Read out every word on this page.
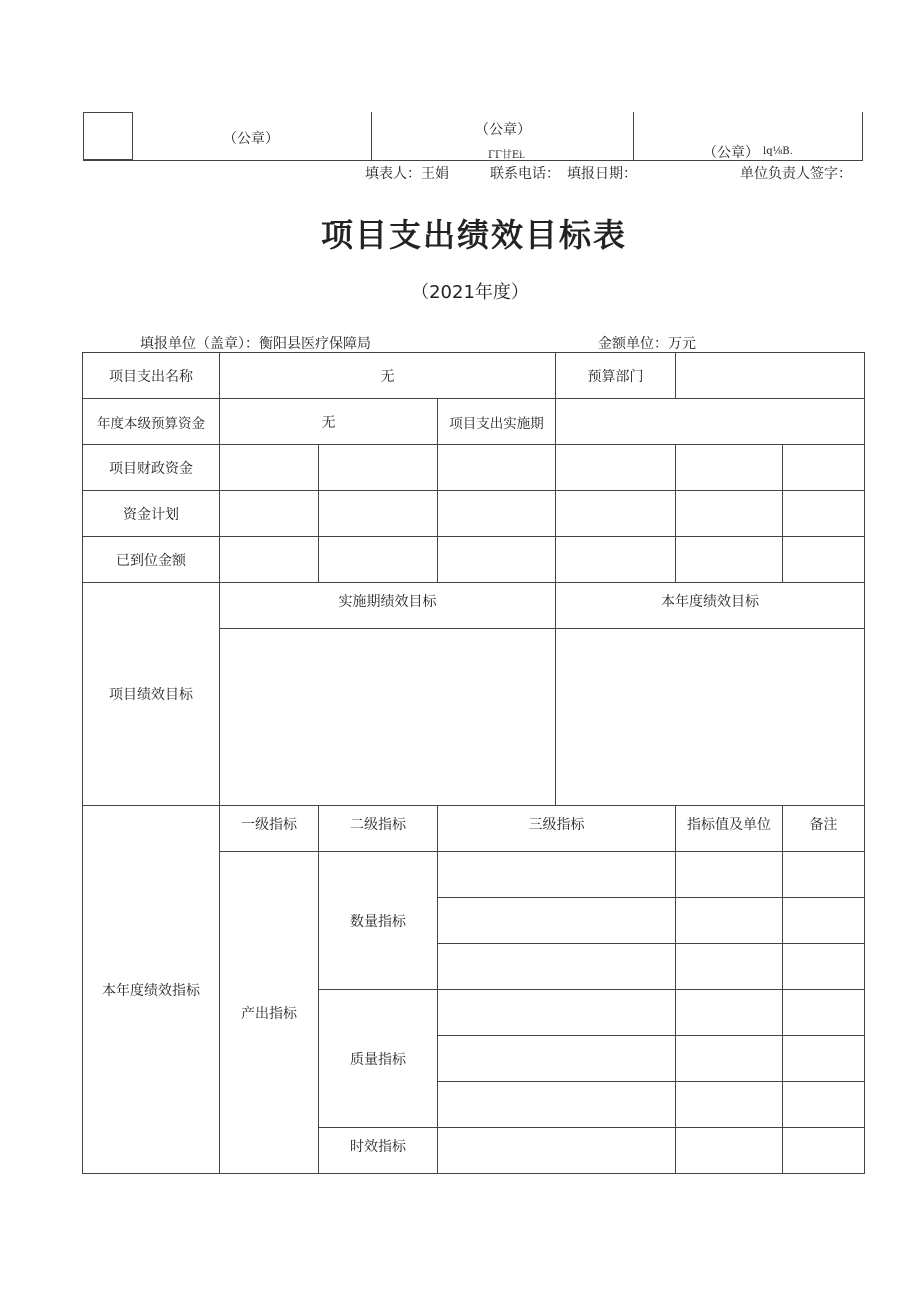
（公章）
（公章）
ΓΓ甘Ei.	（公章） lq⅛B.
填表人：王娟	联系电话： 填报日期：	单位负责人签字：
项目支出绩效目标表
（2021年度）
填报单位（盖章）：衡阳县医疗保障局	金额单位：万元
项目支出名称	无			预算部门		
年度本级预算资金	无		项目支出实施期			
项目财政资金						
资金计划						
已到位金额						
项目绩效目标	实施期绩效目标			本年度绩效目标		

本年度绩效指标	一级指标	二级指标	三级指标		指标值及单位	备注
	产出指标	数量指标				

		质量指标				

		时效指标				
